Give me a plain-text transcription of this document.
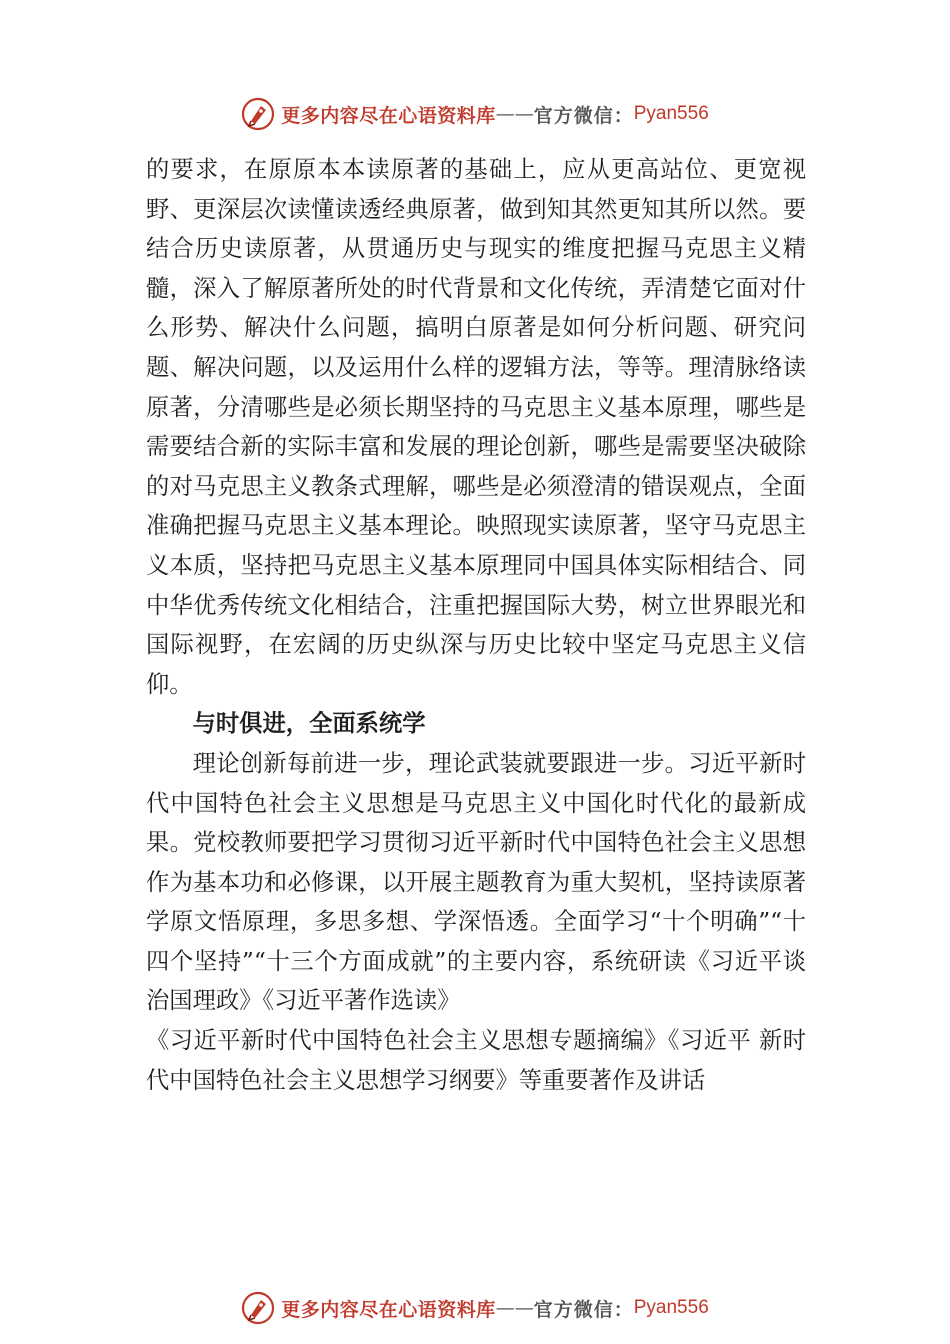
更多内容尽在心语资料库 —— 官方微信： Pyan556

的要求，在原原本本读原著的基础上，应从更高站位、更宽视野、更深层次读懂读透经典原著，做到知其然更知其所以然。要结合历史读原著，从贯通历史与现实的维度把握马克思主义精髓，深入了解原著所处的时代背景和文化传统，弄清楚它面对什么形势、解决什么问题，搞明白原著是如何分析问题、研究问题、解决问题，以及运用什么样的逻辑方法，等等。理清脉络读原著，分清哪些是必须长期坚持的马克思主义基本原理，哪些是需要结合新的实际丰富和发展的理论创新，哪些是需要坚决破除的对马克思主义教条式理解，哪些是必须澄清的错误观点，全面准确把握马克思主义基本理论。映照现实读原著，坚守马克思主义本质，坚持把马克思主义基本原理同中国具体实际相结合、同中华优秀传统文化相结合，注重把握国际大势，树立世界眼光和国际视野，在宏阔的历史纵深与历史比较中坚定马克思主义信仰。

与时俱进，全面系统学

理论创新每前进一步，理论武装就要跟进一步。习近平新时代中国特色社会主义思想是马克思主义中国化时代化的最新成果。党校教师要把学习贯彻习近平新时代中国特色社会主义思想作为基本功和必修课，以开展主题教育为重大契机，坚持读原著学原文悟原理，多思多想、学深悟透。全面学习“十个明确”“十四个坚持”“十三个方面成就”的主要内容，系统研读《习近平谈治国理政》《习近平著作选读》

《习近平新时代中国特色社会主义思想专题摘编》《习近平 新时代中国特色社会主义思想学习纲要》等重要著作及讲话

更多内容尽在心语资料库 —— 官方微信： Pyan556
